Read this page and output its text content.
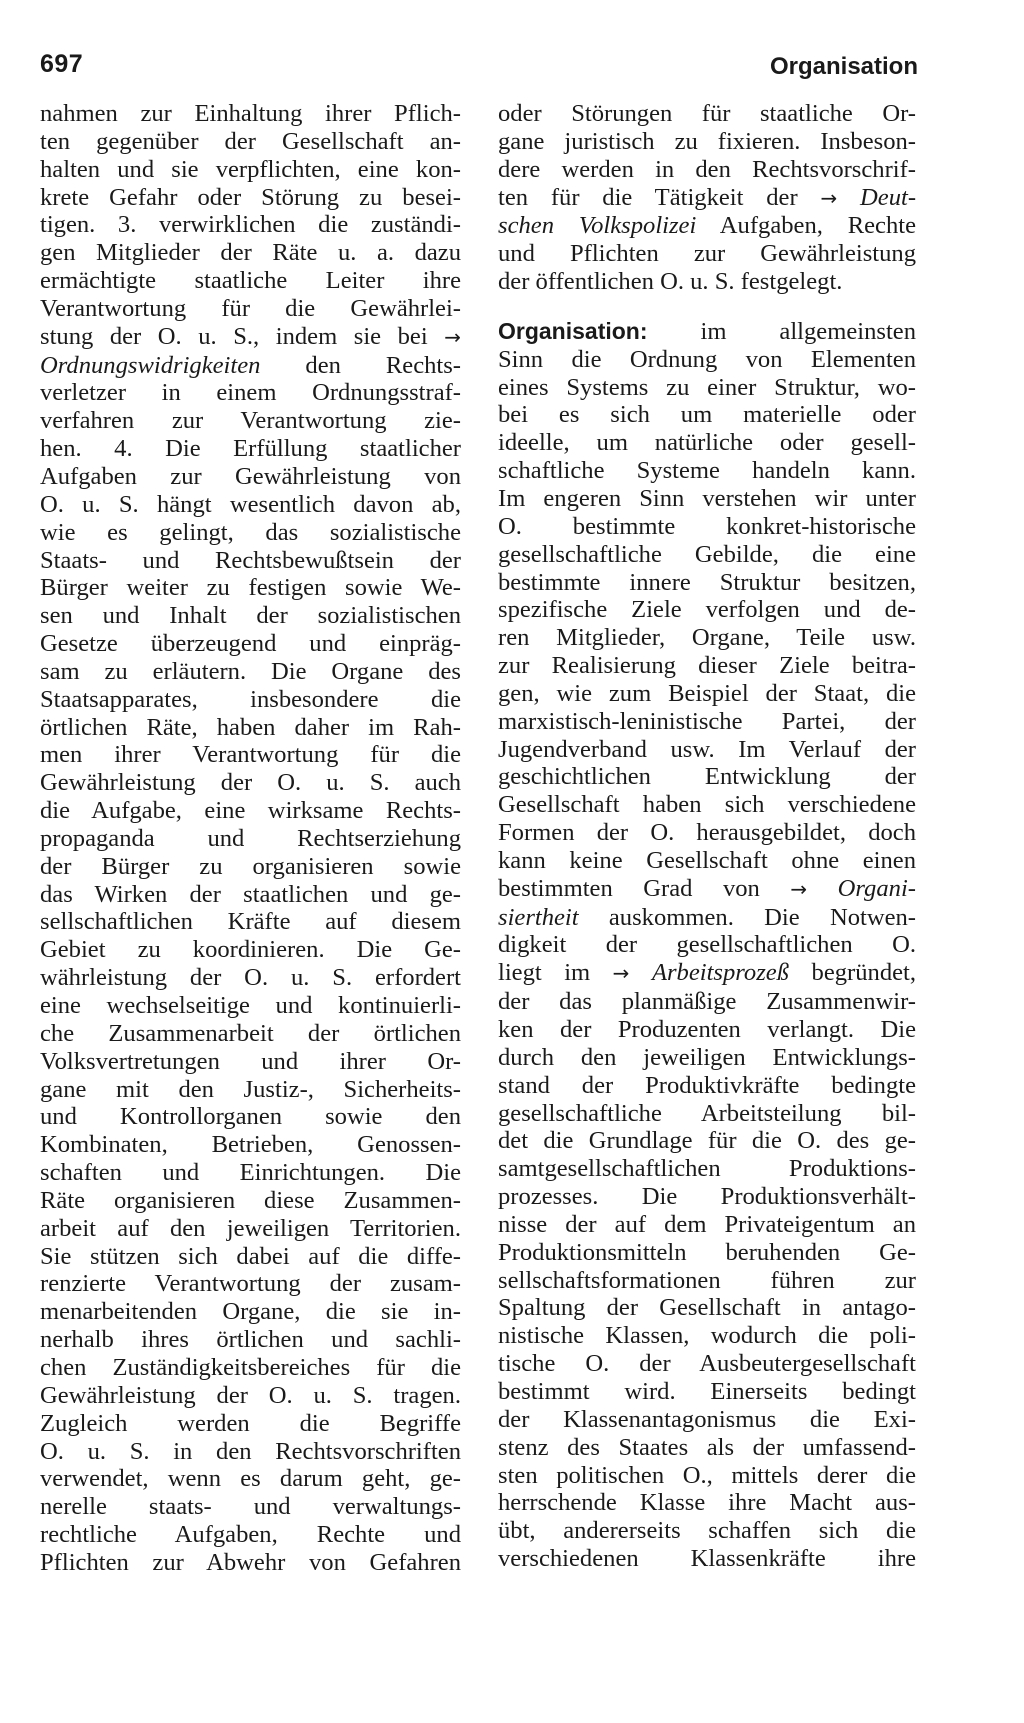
697	Organisation
nahmen zur Einhaltung ihrer Pflich-
ten gegenüber der Gesellschaft an-
halten und sie verpflichten, eine kon-
krete Gefahr oder Störung zu besei-
tigen. 3. verwirklichen die zuständi-
gen Mitglieder der Räte u. a. dazu
ermächtigte staatliche Leiter ihre
Verantwortung für die Gewährlei-
stung der O. u. S., indem sie bei →
Ordnungswidrigkeiten den Rechts-
verletzer in einem Ordnungsstraf-
verfahren zur Verantwortung zie-
hen. 4. Die Erfüllung staatlicher
Aufgaben zur Gewährleistung von
O. u. S. hängt wesentlich davon ab,
wie es gelingt, das sozialistische
Staats- und Rechtsbewußtsein der
Bürger weiter zu festigen sowie We-
sen und Inhalt der sozialistischen
Gesetze überzeugend und einpräg-
sam zu erläutern. Die Organe des
Staatsapparates, insbesondere die
örtlichen Räte, haben daher im Rah-
men ihrer Verantwortung für die
Gewährleistung der O. u. S. auch
die Aufgabe, eine wirksame Rechts-
propaganda und Rechtserziehung
der Bürger zu organisieren sowie
das Wirken der staatlichen und ge-
sellschaftlichen Kräfte auf diesem
Gebiet zu koordinieren. Die Ge-
währleistung der O. u. S. erfordert
eine wechselseitige und kontinuierli-
che Zusammenarbeit der örtlichen
Volksvertretungen und ihrer Or-
gane mit den Justiz-, Sicherheits-
und Kontrollorganen sowie den
Kombinaten, Betrieben, Genossen-
schaften und Einrichtungen. Die
Räte organisieren diese Zusammen-
arbeit auf den jeweiligen Territorien.
Sie stützen sich dabei auf die diffe-
renzierte Verantwortung der zusam-
menarbeitenden Organe, die sie in-
nerhalb ihres örtlichen und sachli-
chen Zuständigkeitsbereiches für die
Gewährleistung der O. u. S. tragen.
Zugleich werden die Begriffe
O. u. S. in den Rechtsvorschriften
verwendet, wenn es darum geht, ge-
nerelle staats- und verwaltungs-
rechtliche Aufgaben, Rechte und
Pflichten zur Abwehr von Gefahren
oder Störungen für staatliche Or-
gane juristisch zu fixieren. Insbeson-
dere werden in den Rechtsvorschrif-
ten für die Tätigkeit der → Deut-
schen Volkspolizei Aufgaben, Rechte
und Pflichten zur Gewährleistung
der öffentlichen O. u. S. festgelegt.
Organisation: im allgemeinsten
Sinn die Ordnung von Elementen
eines Systems zu einer Struktur, wo-
bei es sich um materielle oder
ideelle, um natürliche oder gesell-
schaftliche Systeme handeln kann.
Im engeren Sinn verstehen wir unter
O. bestimmte konkret-historische
gesellschaftliche Gebilde, die eine
bestimmte innere Struktur besitzen,
spezifische Ziele verfolgen und de-
ren Mitglieder, Organe, Teile usw.
zur Realisierung dieser Ziele beitra-
gen, wie zum Beispiel der Staat, die
marxistisch-leninistische Partei, der
Jugendverband usw. Im Verlauf der
geschichtlichen Entwicklung der
Gesellschaft haben sich verschiedene
Formen der O. herausgebildet, doch
kann keine Gesellschaft ohne einen
bestimmten Grad von → Organi-
siertheit auskommen. Die Notwen-
digkeit der gesellschaftlichen O.
liegt im → Arbeitsprozeß begründet,
der das planmäßige Zusammenwir-
ken der Produzenten verlangt. Die
durch den jeweiligen Entwicklungs-
stand der Produktivkräfte bedingte
gesellschaftliche Arbeitsteilung bil-
det die Grundlage für die O. des ge-
samtgesellschaftlichen Produktions-
prozesses. Die Produktionsverhält-
nisse der auf dem Privateigentum an
Produktionsmitteln beruhenden Ge-
sellschaftsformationen führen zur
Spaltung der Gesellschaft in antago-
nistische Klassen, wodurch die poli-
tische O. der Ausbeutergesellschaft
bestimmt wird. Einerseits bedingt
der Klassenantagonismus die Exi-
stenz des Staates als der umfassend-
sten politischen O., mittels derer die
herrschende Klasse ihre Macht aus-
übt, andererseits schaffen sich die
verschiedenen Klassenkräfte ihre
